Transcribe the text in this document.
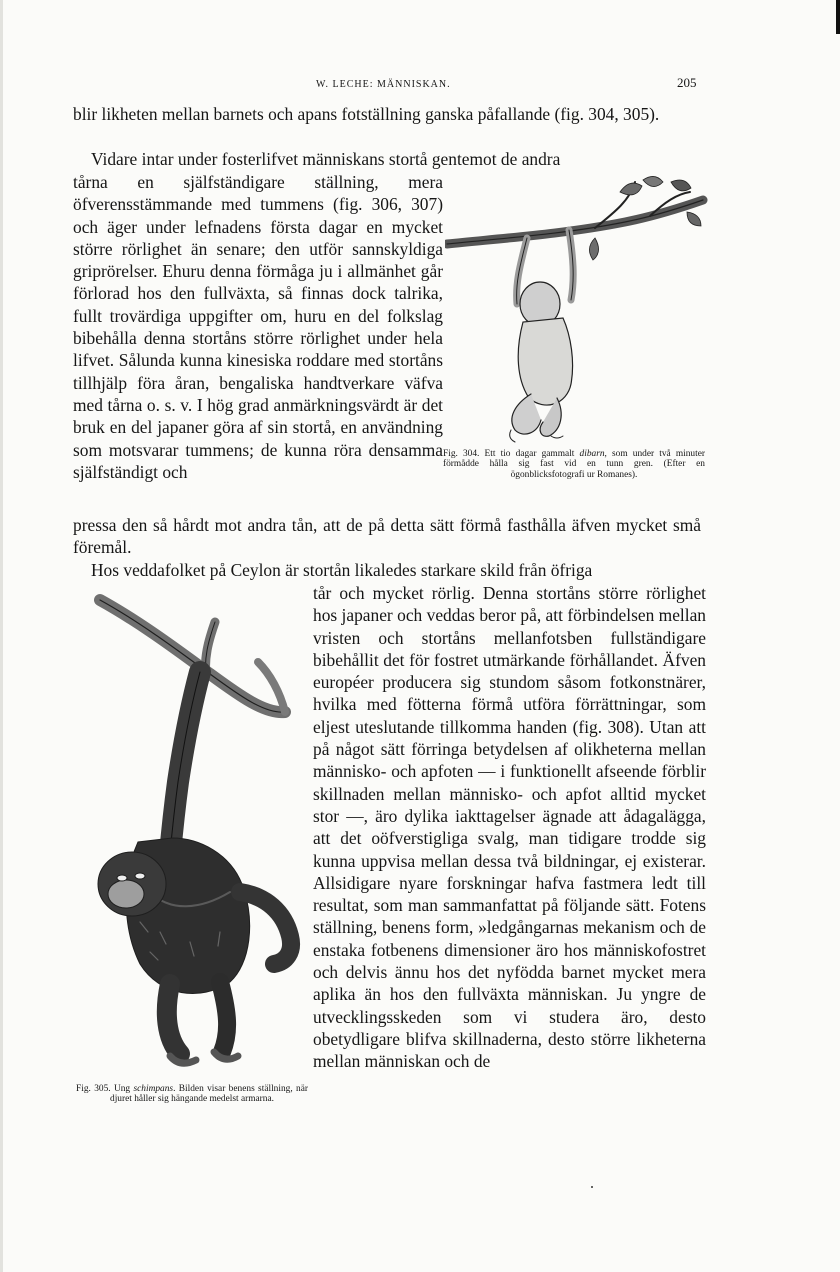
W. LECHE: MÄNNISKAN.	205

blir likheten mellan barnets och apans fotställning ganska påfallande (fig. 304, 305).

Vidare intar under fosterlifvet människans stortå gentemot de andra

tårna en själfständigare ställning, mera öfverensstämmande med tummens (fig. 306, 307) och äger under lefnadens första dagar en mycket större rörlighet än senare; den utför sannskyldiga griprörelser. Ehuru denna förmåga ju i allmänhet går förlorad hos den fullväxta, så finnas dock talrika, fullt trovärdiga uppgifter om, huru en del folkslag bibehålla denna stortåns större rörlighet under hela lifvet. Sålunda kunna kinesiska roddare med stortåns tillhjälp föra åran, bengaliska handtverkare väfva med tårna o. s. v. I hög grad anmärkningsvärdt är det bruk en del japaner göra af sin stortå, en användning som motsvarar tummens; de kunna röra densamma själfständigt och

pressa den så hårdt mot andra tån, att de på detta sätt förmå fasthålla äfven mycket små föremål.

Hos veddafolket på Ceylon är stortån likaledes starkare skild från öfriga

tår och mycket rörlig. Denna stortåns större rörlighet hos japaner och veddas beror på, att förbindelsen mellan vristen och stortåns mellanfotsben fullständigare bibehållit det för fostret utmärkande förhållandet. Äfven européer producera sig stundom såsom fotkonstnärer, hvilka med fötterna förmå utföra förrättningar, som eljest uteslutande tillkomma handen (fig. 308). Utan att på något sätt förringa betydelsen af olikheterna mellan människo- och apfoten — i funktionellt afseende förblir skillnaden mellan människo- och apfot alltid mycket stor —, äro dylika iakttagelser ägnade att ådagalägga, att det oöfverstigliga svalg, man tidigare trodde sig kunna uppvisa mellan dessa två bildningar, ej existerar. Allsidigare nyare forskningar hafva fastmera ledt till resultat, som man sammanfattat på följande sätt. Fotens ställning, benens form, »ledgångarnas mekanism och de enstaka fotbenens dimensioner äro hos människofostret och delvis ännu hos det nyfödda barnet mycket mera aplika än hos den fullväxta människan. Ju yngre de utvecklingsskeden som vi studera äro, desto obetydligare blifva skillnaderna, desto större likheterna mellan människan och de

Fig. 304. Ett tio dagar gammalt dibarn, som under två minuter förmådde hålla sig fast vid en tunn gren. (Efter en ögonblicksfotografi ur Romanes).

Fig. 305. Ung schimpans. Bilden visar benens ställning, när djuret håller sig hängande medelst armarna.
